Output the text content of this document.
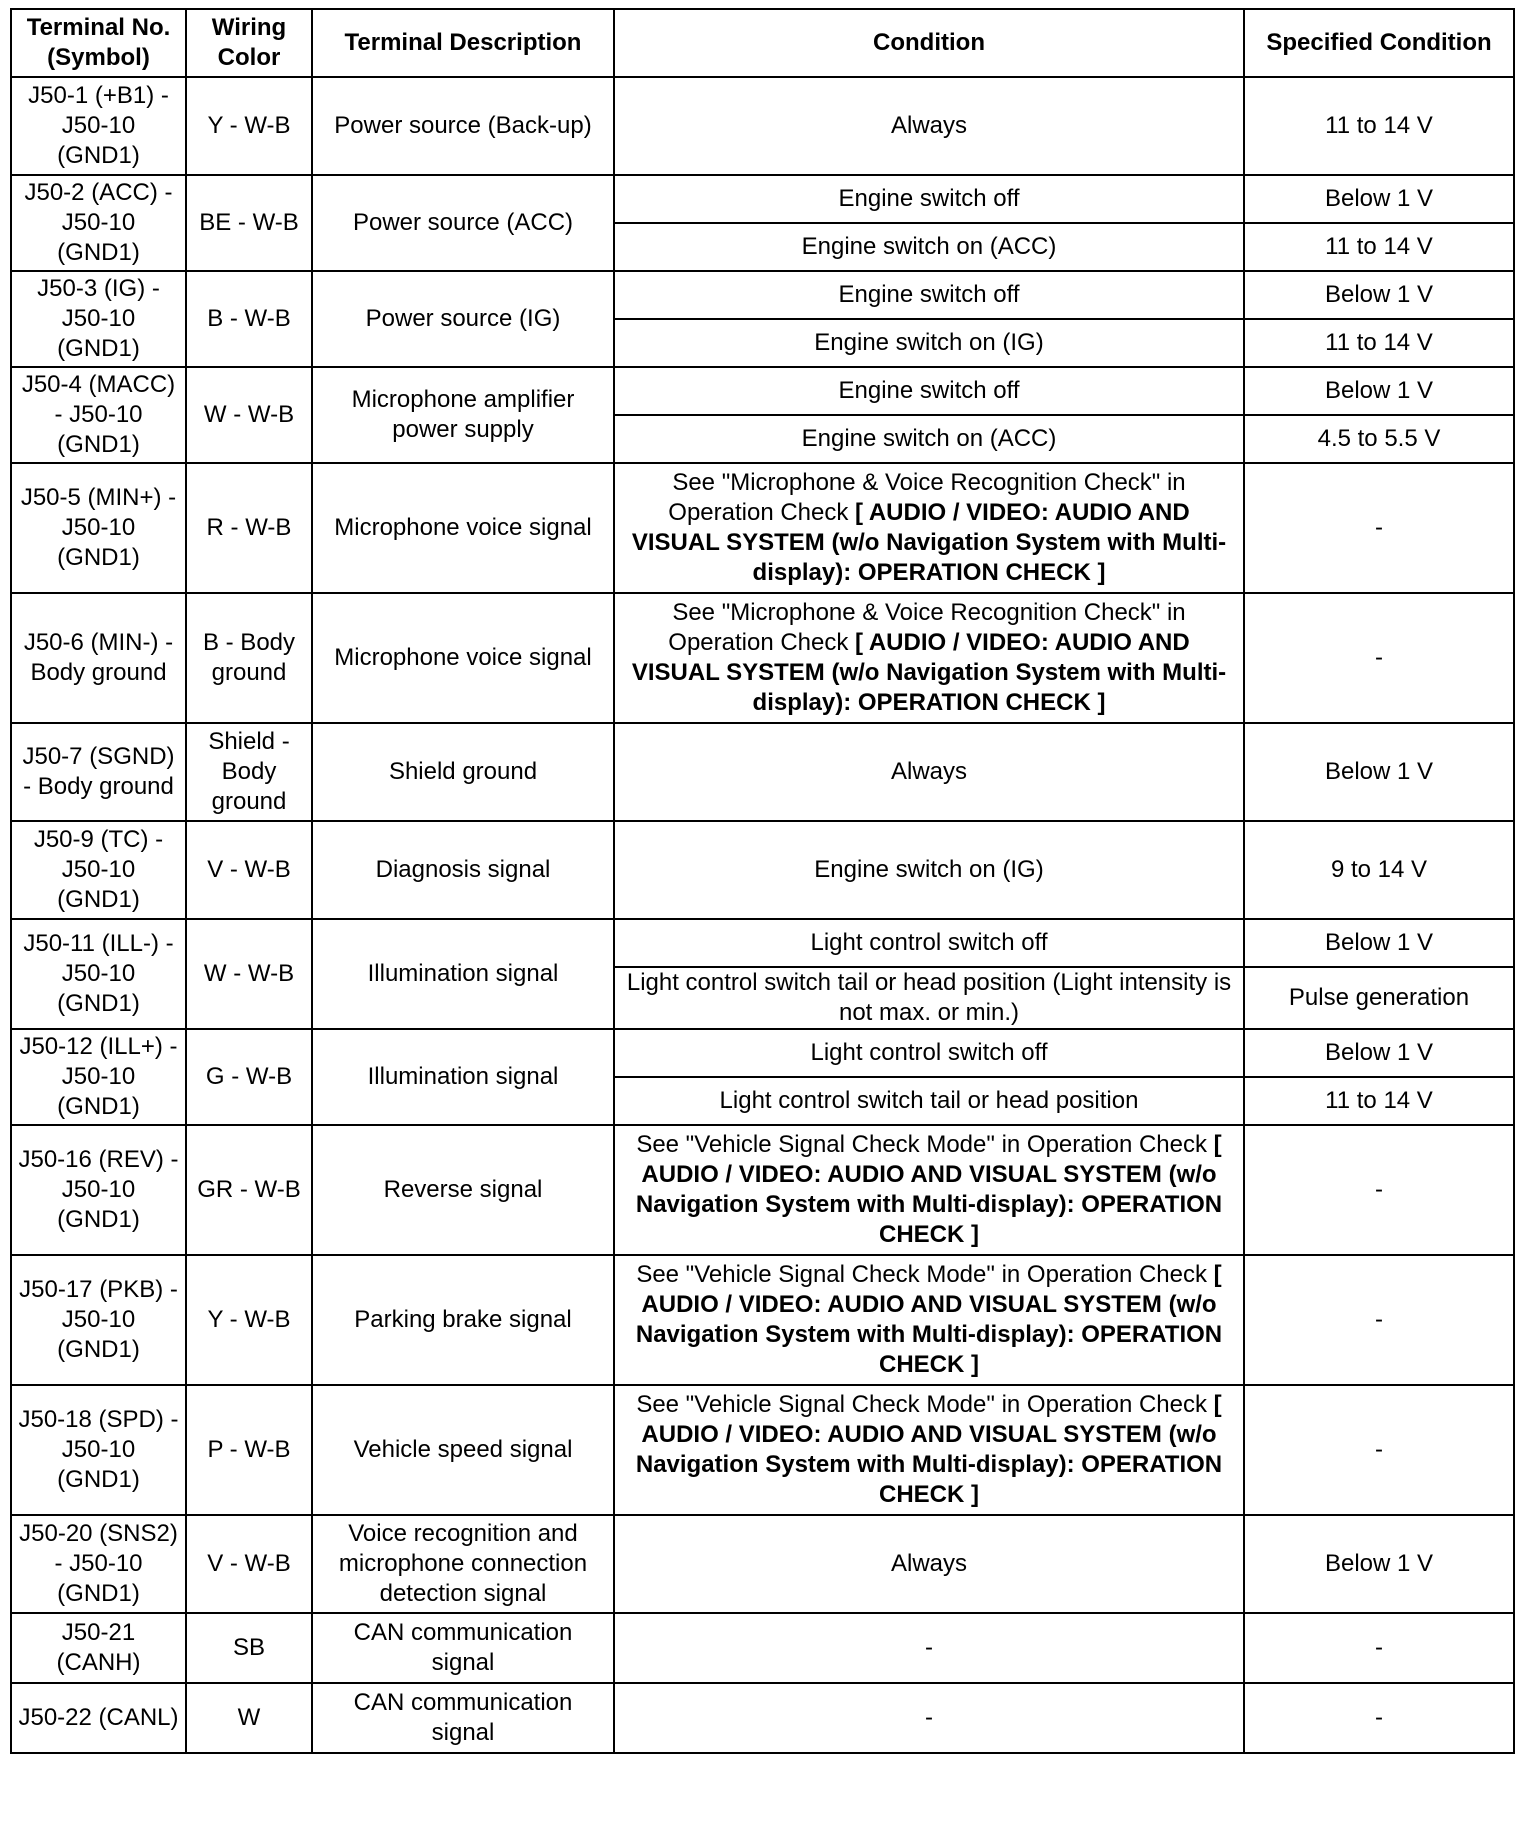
Terminal No. (Symbol)	Wiring Color	Terminal Description	Condition	Specified Condition
J50-1 (+B1) - J50-10 (GND1)	Y - W-B	Power source (Back-up)	Always	11 to 14 V
J50-2 (ACC) - J50-10 (GND1)	BE - W-B	Power source (ACC)	Engine switch off	Below 1 V
			Engine switch on (ACC)	11 to 14 V
J50-3 (IG) - J50-10 (GND1)	B - W-B	Power source (IG)	Engine switch off	Below 1 V
			Engine switch on (IG)	11 to 14 V
J50-4 (MACC) - J50-10 (GND1)	W - W-B	Microphone amplifier power supply	Engine switch off	Below 1 V
			Engine switch on (ACC)	4.5 to 5.5 V
J50-5 (MIN+) - J50-10 (GND1)	R - W-B	Microphone voice signal	See "Microphone & Voice Recognition Check" in Operation Check [ AUDIO / VIDEO: AUDIO AND VISUAL SYSTEM (w/o Navigation System with Multi-display): OPERATION CHECK ]	-
J50-6 (MIN-) - Body ground	B - Body ground	Microphone voice signal	See "Microphone & Voice Recognition Check" in Operation Check [ AUDIO / VIDEO: AUDIO AND VISUAL SYSTEM (w/o Navigation System with Multi-display): OPERATION CHECK ]	-
J50-7 (SGND) - Body ground	Shield - Body ground	Shield ground	Always	Below 1 V
J50-9 (TC) - J50-10 (GND1)	V - W-B	Diagnosis signal	Engine switch on (IG)	9 to 14 V
J50-11 (ILL-) - J50-10 (GND1)	W - W-B	Illumination signal	Light control switch off	Below 1 V
			Light control switch tail or head position (Light intensity is not max. or min.)	Pulse generation
J50-12 (ILL+) - J50-10 (GND1)	G - W-B	Illumination signal	Light control switch off	Below 1 V
			Light control switch tail or head position	11 to 14 V
J50-16 (REV) - J50-10 (GND1)	GR - W-B	Reverse signal	See "Vehicle Signal Check Mode" in Operation Check [ AUDIO / VIDEO: AUDIO AND VISUAL SYSTEM (w/o Navigation System with Multi-display): OPERATION CHECK ]	-
J50-17 (PKB) - J50-10 (GND1)	Y - W-B	Parking brake signal	See "Vehicle Signal Check Mode" in Operation Check [ AUDIO / VIDEO: AUDIO AND VISUAL SYSTEM (w/o Navigation System with Multi-display): OPERATION CHECK ]	-
J50-18 (SPD) - J50-10 (GND1)	P - W-B	Vehicle speed signal	See "Vehicle Signal Check Mode" in Operation Check [ AUDIO / VIDEO: AUDIO AND VISUAL SYSTEM (w/o Navigation System with Multi-display): OPERATION CHECK ]	-
J50-20 (SNS2) - J50-10 (GND1)	V - W-B	Voice recognition and microphone connection detection signal	Always	Below 1 V
J50-21 (CANH)	SB	CAN communication signal	-	-
J50-22 (CANL)	W	CAN communication signal	-	-
